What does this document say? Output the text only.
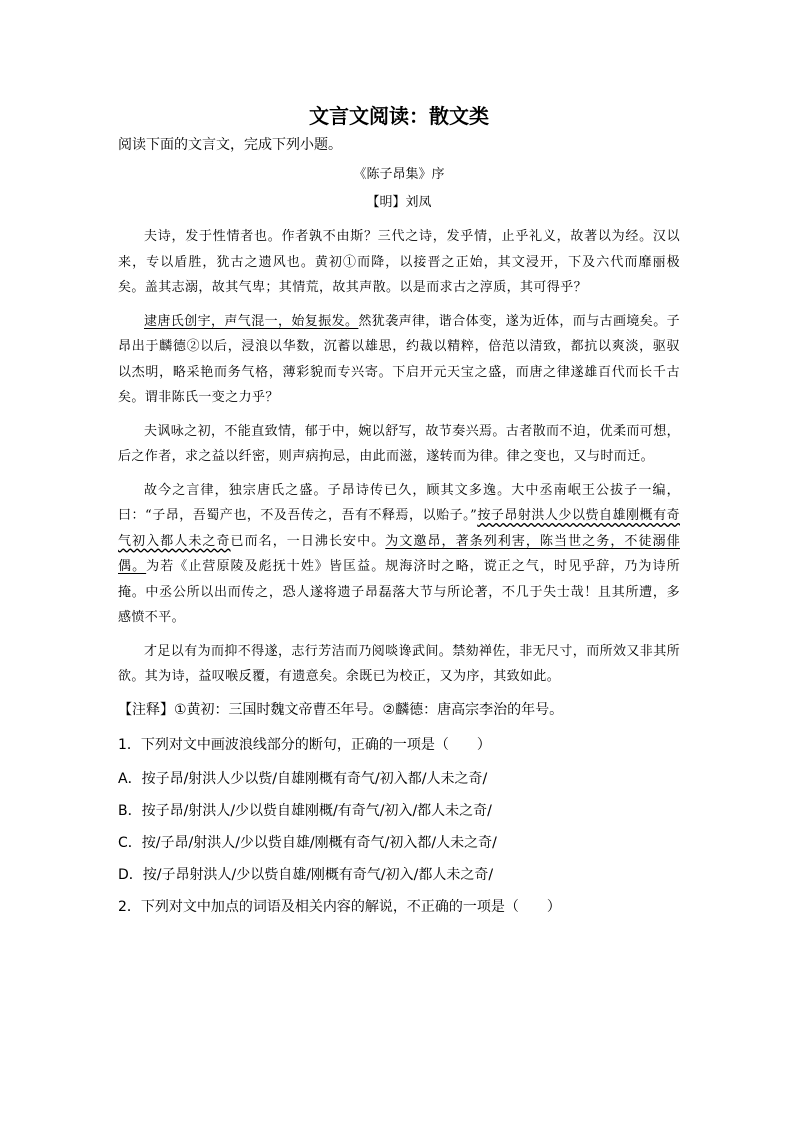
文言文阅读：散文类
阅读下面的文言文，完成下列小题。
《陈子昂集》序
【明】刘凤

夫诗，发于性情者也。作者孰不由斯？三代之诗，发乎情，止乎礼义，故著以为经。汉以来，专以盾胜，犹古之遗风也。黄初①而降，以接晋之正始，其文浸开，下及六代而靡丽极矣。盖其志溺，故其气卑；其情荒，故其声散。以是而求古之淳质，其可得乎？

逮唐氏创宇，声气混一，始复振发。然犹袭声律，谐合体变，遂为近体，而与古画境矣。子昂出于麟德②以后，浸浪以华数，沉蓄以雄思，约裁以精粹，倍范以清致，都抗以爽淡，驱驭以杰明，略采艳而务气格，薄彩貌而专兴寄。下启开元天宝之盛，而唐之律遂雄百代而长千古矣。谓非陈氏一变之力乎？

夫讽咏之初，不能直致情，郁于中，婉以舒写，故节奏兴焉。古者散而不迫，优柔而可想，后之作者，求之益以纤密，则声病拘忌，由此而滋，遂转而为律。律之变也，又与时而迁。

故今之言律，独宗唐氏之盛。子昂诗传已久，顾其文多逸。大中丞南岷王公拔子一编，曰：“子昂，吾蜀产也，不及吾传之，吾有不释焉，以贻子。”按子昂射洪人少以赀自雄刚概有奇气初入都人未之奇已而名，一日沸长安中。为文邀昂，著条列利害，陈当世之务，不徒溺俳偶。为若《止营原陵及彪抚十姓》皆匡益。规海济时之略，谠正之气，时见乎辞，乃为诗所掩。中丞公所以出而传之，恐人遂将遗子昂磊落大节与所论著，不几于失士哉！且其所遭，多感愤不平。

才足以有为而抑不得遂，志行芳洁而乃阅啖谗武间。禁劾禅佐，非无尺寸，而所效又非其所欲。其为诗，益叹喉反覆，有遗意矣。余既已为校正，又为序，其致如此。

【注释】①黄初：三国时魏文帝曹丕年号。②麟德：唐高宗李治的年号。
1．下列对文中画波浪线部分的断句，正确的一项是（　　）
A．按子昂/射洪人少以赀/自雄刚概有奇气/初入都/人未之奇/
B．按子昂/射洪人/少以赀自雄刚概/有奇气/初入/都人未之奇/
C．按/子昂/射洪人/少以赀自雄/刚概有奇气/初入都/人未之奇/
D．按/子昂射洪人/少以赀自雄/刚概有奇气/初入/都人未之奇/
2．下列对文中加点的词语及相关内容的解说，不正确的一项是（　　）
